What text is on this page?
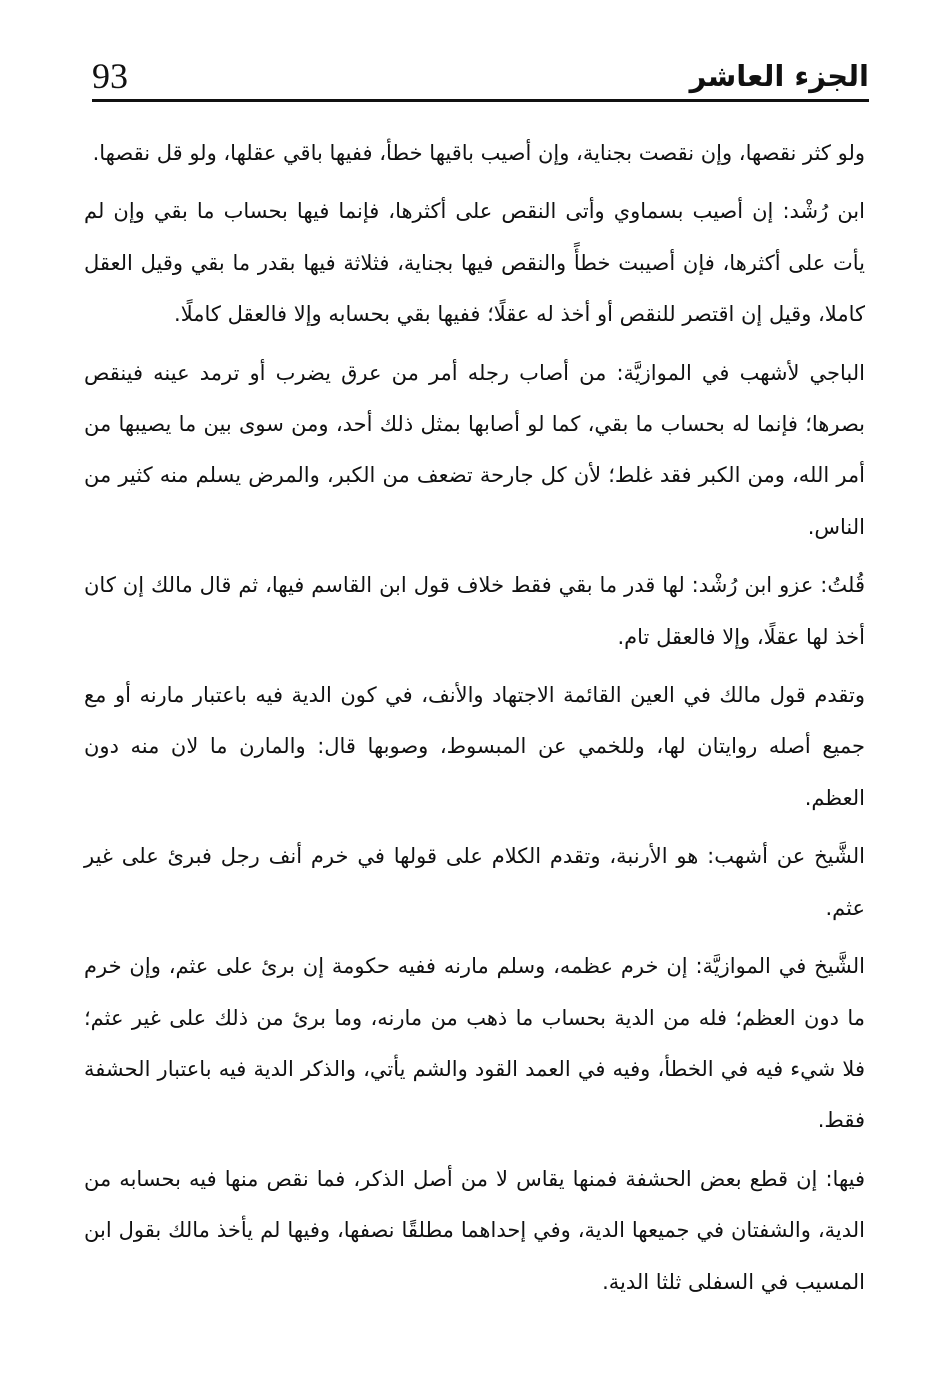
93	الجزء العاشر

ولو كثر نقصها، وإن نقصت بجناية، وإن أصيب باقيها خطأ، ففيها باقي عقلها، ولو قل نقصها.

ابن رُشْد: إن أصيب بسماوي وأتى النقص على أكثرها، فإنما فيها بحساب ما بقي وإن لم يأت على أكثرها، فإن أصيبت خطأً والنقص فيها بجناية، فثلاثة فيها بقدر ما بقي وقيل العقل كاملا، وقيل إن اقتصر للنقص أو أخذ له عقلًا؛ ففيها بقي بحسابه وإلا فالعقل كاملًا.

الباجي لأشهب في الموازيَّة: من أصاب رجله أمر من عرق يضرب أو ترمد عينه فينقص بصرها؛ فإنما له بحساب ما بقي، كما لو أصابها بمثل ذلك أحد، ومن سوى بين ما يصيبها من أمر الله، ومن الكبر فقد غلط؛ لأن كل جارحة تضعف من الكبر، والمرض يسلم منه كثير من الناس.

قُلتُ: عزو ابن رُشْد: لها قدر ما بقي فقط خلاف قول ابن القاسم فيها، ثم قال مالك إن كان أخذ لها عقلًا، وإلا فالعقل تام.

وتقدم قول مالك في العين القائمة الاجتهاد والأنف، في كون الدية فيه باعتبار مارنه أو مع جميع أصله روايتان لها، وللخمي عن المبسوط، وصوبها قال: والمارن ما لان منه دون العظم.

الشَّيخ عن أشهب: هو الأرنبة، وتقدم الكلام على قولها في خرم أنف رجل فبرئ على غير عثم.

الشَّيخ في الموازيَّة: إن خرم عظمه، وسلم مارنه ففيه حكومة إن برئ على عثم، وإن خرم ما دون العظم؛ فله من الدية بحساب ما ذهب من مارنه، وما برئ من ذلك على غير عثم؛ فلا شيء فيه في الخطأ، وفيه في العمد القود والشم يأتي، والذكر الدية فيه باعتبار الحشفة فقط.

فيها: إن قطع بعض الحشفة فمنها يقاس لا من أصل الذكر، فما نقص منها فيه بحسابه من الدية، والشفتان في جميعها الدية، وفي إحداهما مطلقًا نصفها، وفيها لم يأخذ مالك بقول ابن المسيب في السفلى ثلثا الدية.
